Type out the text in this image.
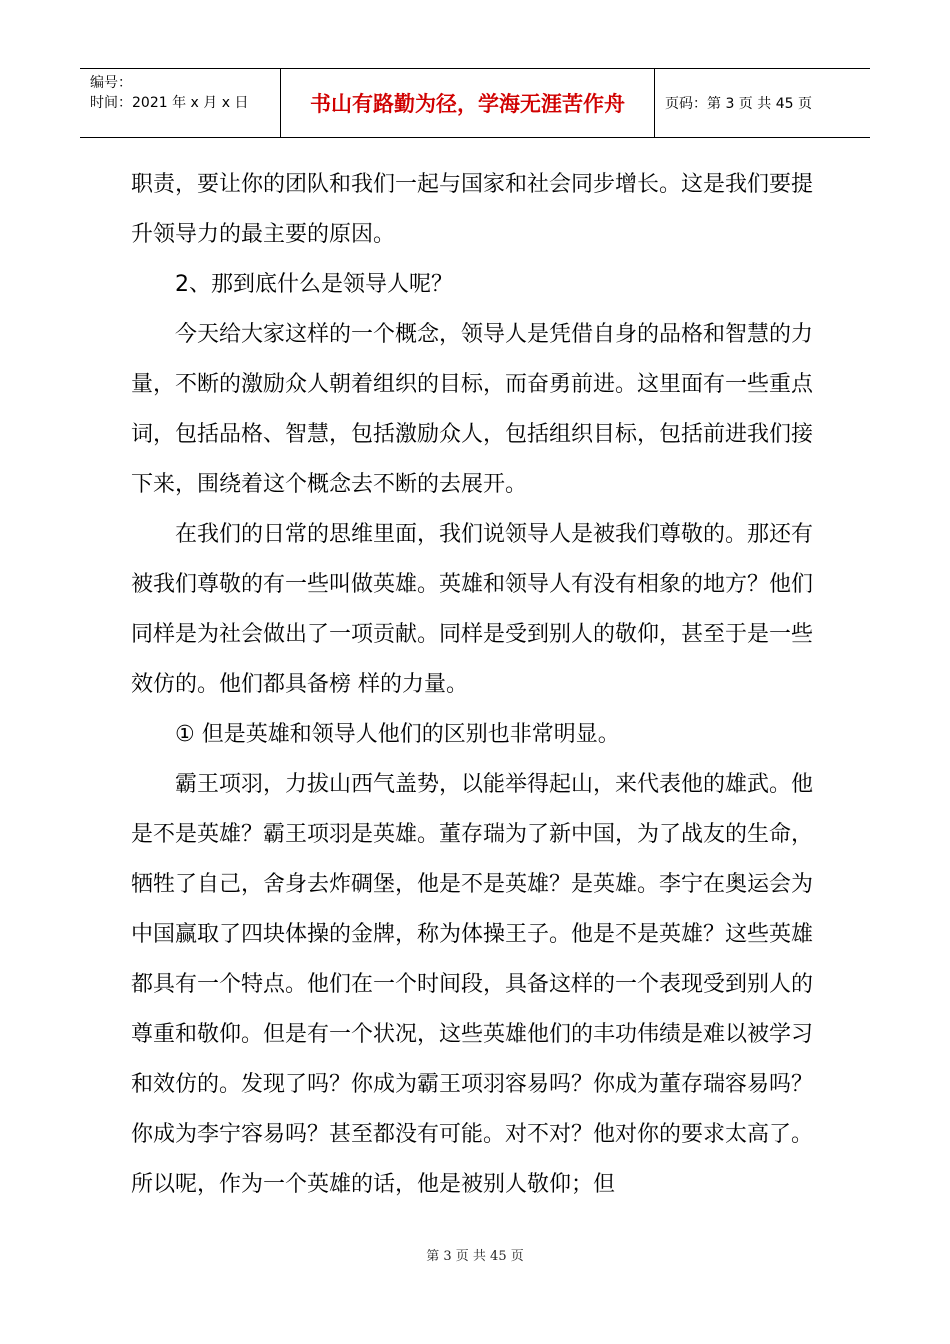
编号：
时间：2021 年 x 月 x 日	书山有路勤为径，学海无涯苦作舟	页码：第 3 页 共 45 页

职责，要让你的团队和我们一起与国家和社会同步增长。这是我们要提升领导力的最主要的原因。

2、那到底什么是领导人呢？

今天给大家这样的一个概念，领导人是凭借自身的品格和智慧的力量，不断的激励众人朝着组织的目标，而奋勇前进。这里面有一些重点词，包括品格、智慧，包括激励众人，包括组织目标，包括前进我们接下来，围绕着这个概念去不断的去展开。

在我们的日常的思维里面，我们说领导人是被我们尊敬的。那还有被我们尊敬的有一些叫做英雄。英雄和领导人有没有相象的地方？他们同样是为社会做出了一项贡献。同样是受到别人的敬仰，甚至于是一些效仿的。他们都具备榜 样的力量。

① 但是英雄和领导人他们的区别也非常明显。

霸王项羽，力拔山西气盖势，以能举得起山，来代表他的雄武。他是不是英雄？霸王项羽是英雄。董存瑞为了新中国，为了战友的生命，牺牲了自己，舍身去炸碉堡，他是不是英雄？是英雄。李宁在奥运会为中国赢取了四块体操的金牌，称为体操王子。他是不是英雄？这些英雄都具有一个特点。他们在一个时间段，具备这样的一个表现受到别人的尊重和敬仰。但是有一个状况，这些英雄他们的丰功伟绩是难以被学习和效仿的。发现了吗？你成为霸王项羽容易吗？你成为董存瑞容易吗？你成为李宁容易吗？甚至都没有可能。对不对？他对你的要求太高了。所以呢，作为一个英雄的话，他是被别人敬仰；但

第 3 页 共 45 页
